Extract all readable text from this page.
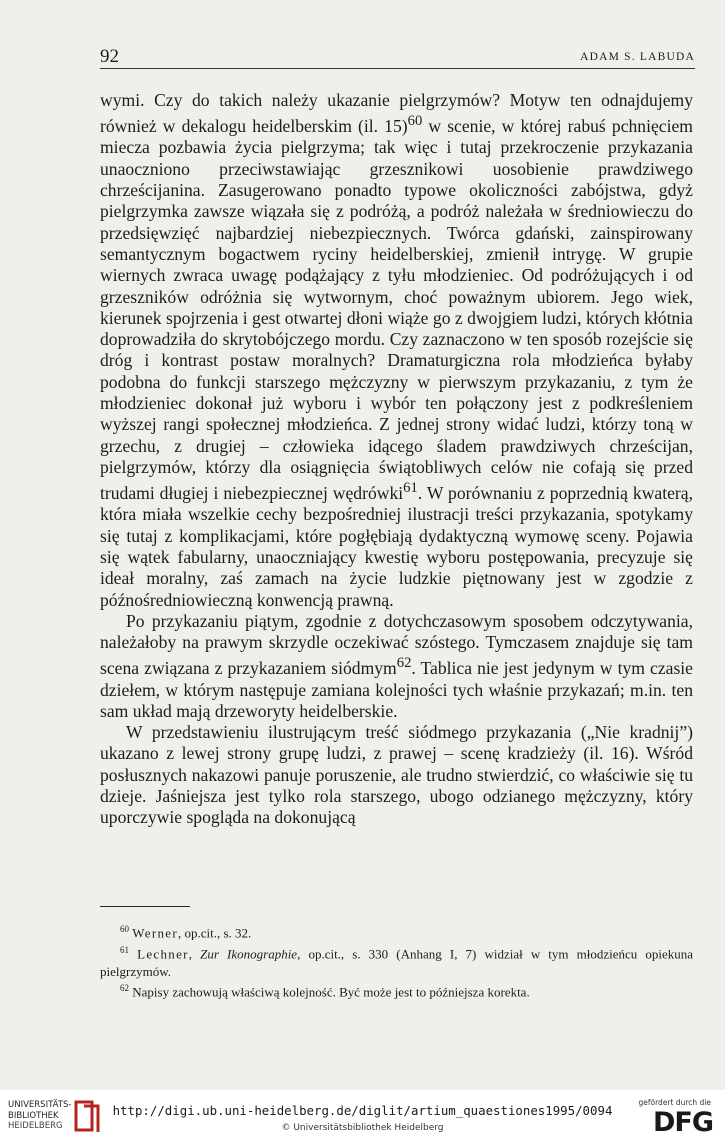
92	ADAM S. LABUDA

wymi. Czy do takich należy ukazanie pielgrzymów? Motyw ten odnajdujemy również w dekalogu heidelberskim (il. 15)$^{60}$ w scenie, w której rabuś pchnięciem miecza pozbawia życia pielgrzyma; tak więc i tutaj przekroczenie przykazania unaoczniono przeciwstawiając grzesznikowi uosobienie prawdziwego chrześcijanina. Zasugerowano ponadto typowe okoliczności zabójstwa, gdyż pielgrzymka zawsze wiązała się z podróżą, a podróż należała w średniowieczu do przedsięwzięć najbardziej niebezpiecznych. Twórca gdański, zainspirowany semantycznym bogactwem ryciny heidelberskiej, zmienił intrygę. W grupie wiernych zwraca uwagę podążający z tyłu młodzieniec. Od podróżujących i od grzeszników odróżnia się wytwornym, choć poważnym ubiorem. Jego wiek, kierunek spojrzenia i gest otwartej dłoni wiąże go z dwojgiem ludzi, których kłótnia doprowadziła do skrytobójczego mordu. Czy zaznaczono w ten sposób rozejście się dróg i kontrast postaw moralnych? Dramaturgiczna rola młodzieńca byłaby podobna do funkcji starszego mężczyzny w pierwszym przykazaniu, z tym że młodzieniec dokonał już wyboru i wybór ten połączony jest z podkreśleniem wyższej rangi społecznej młodzieńca. Z jednej strony widać ludzi, którzy toną w grzechu, z drugiej – człowieka idącego śladem prawdziwych chrześcijan, pielgrzymów, którzy dla osiągnięcia świątobliwych celów nie cofają się przed trudami długiej i niebezpiecznej wędrówki$^{61}$. W porównaniu z poprzednią kwaterą, która miała wszelkie cechy bezpośredniej ilustracji treści przykazania, spotykamy się tutaj z komplikacjami, które pogłębiają dydaktyczną wymowę sceny. Pojawia się wątek fabularny, unaoczniający kwestię wyboru postępowania, precyzuje się ideał moralny, zaś zamach na życie ludzkie piętnowany jest w zgodzie z późnośredniowieczną konwencją prawną.

Po przykazaniu piątym, zgodnie z dotychczasowym sposobem odczytywania, należałoby na prawym skrzydle oczekiwać szóstego. Tymczasem znajduje się tam scena związana z przykazaniem siódmym$^{62}$. Tablica nie jest jedynym w tym czasie dziełem, w którym następuje zamiana kolejności tych właśnie przykazań; m.in. ten sam układ mają drzeworyty heidelberskie.

W przedstawieniu ilustrującym treść siódmego przykazania („Nie kradnij”) ukazano z lewej strony grupę ludzi, z prawej – scenę kradzieży (il. 16). Wśród posłusznych nakazowi panuje poruszenie, ale trudno stwierdzić, co właściwie się tu dzieje. Jaśniejsza jest tylko rola starszego, ubogo odzianego mężczyzny, który uporczywie spogląda na dokonującą

$^{60}$ Werner, op.cit., s. 32.

$^{61}$ Lechner, Zur Ikonographie, op.cit., s. 330 (Anhang I, 7) widział w tym młodzieńcu opiekuna pielgrzymów.

$^{62}$ Napisy zachowują właściwą kolejność. Być może jest to późniejsza korekta.

UNIVERSITÄTS-
BIBLIOTHEK
HEIDELBERG
http://digi.ub.uni-heidelberg.de/diglit/artium_quaestiones1995/0094
© Universitätsbibliothek Heidelberg
gefördert durch die
DFG
